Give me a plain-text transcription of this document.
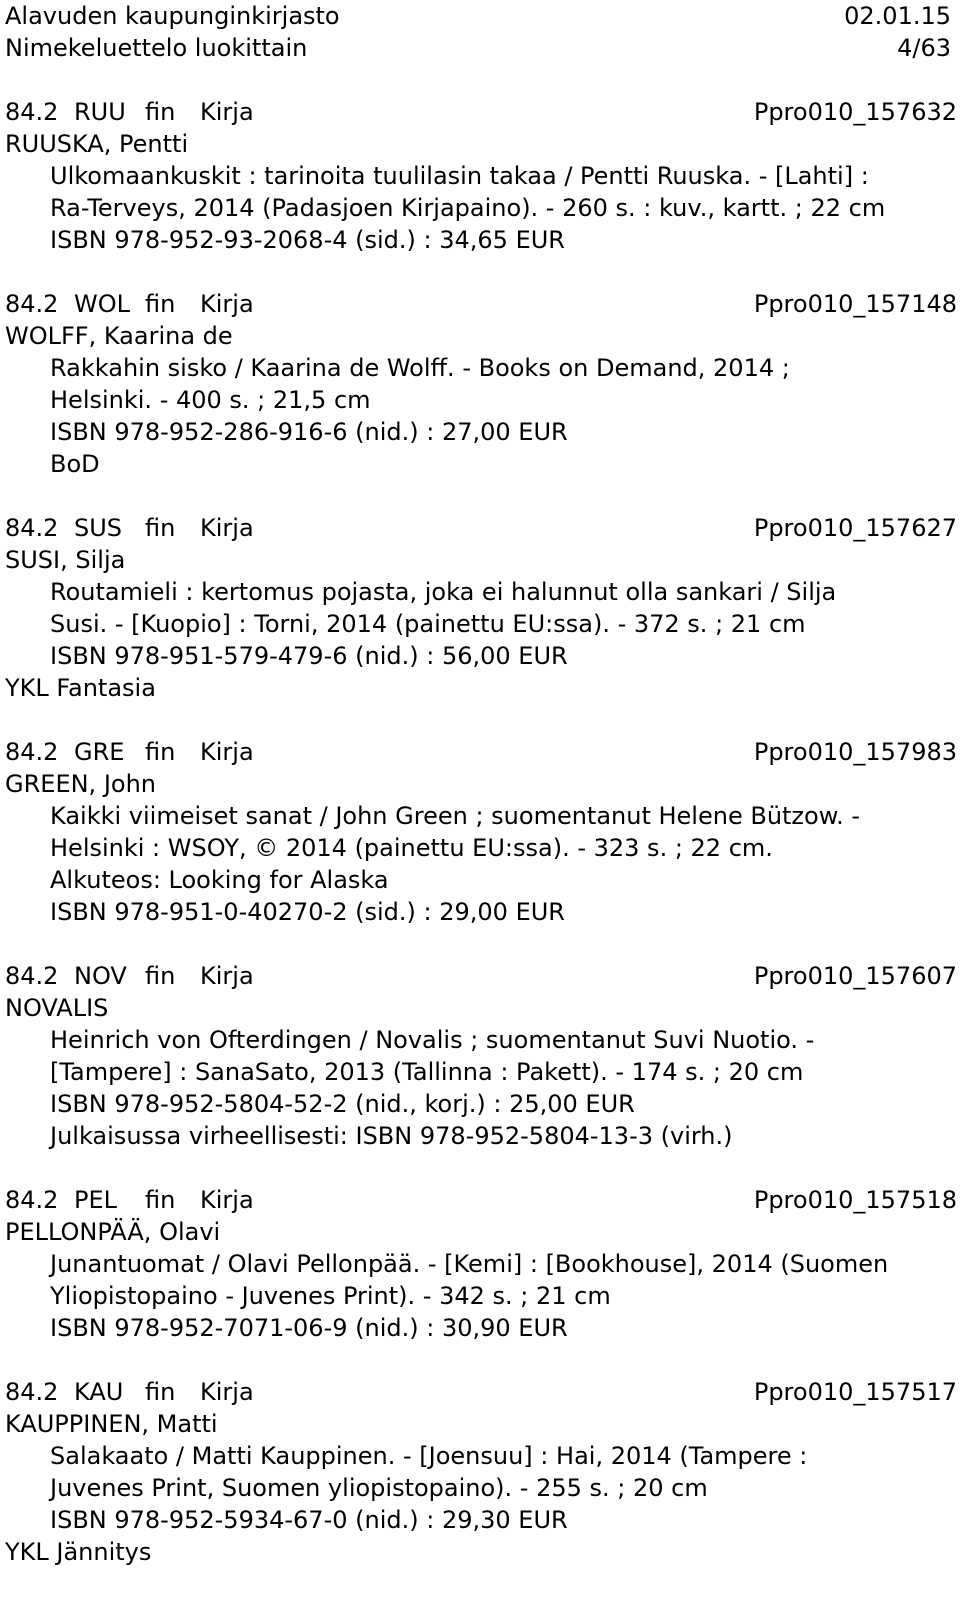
Alavuden kaupunginkirjasto	02.01.15
Nimekeluettelo luokittain	4/63
84.2 RUU fin	Kirja	Ppro010_157632
RUUSKA, Pentti
Ulkomaankuskit : tarinoita tuulilasin takaa / Pentti Ruuska. - [Lahti] :
Ra-Terveys, 2014 (Padasjoen Kirjapaino). - 260 s. : kuv., kartt. ; 22 cm
ISBN 978-952-93-2068-4 (sid.) : 34,65 EUR
84.2 WOL fin	Kirja	Ppro010_157148
WOLFF, Kaarina de
Rakkahin sisko / Kaarina de Wolff. - Books on Demand, 2014 ;
Helsinki. - 400 s. ; 21,5 cm
ISBN 978-952-286-916-6 (nid.) : 27,00 EUR
BoD
84.2 SUS fin	Kirja	Ppro010_157627
SUSI, Silja
Routamieli : kertomus pojasta, joka ei halunnut olla sankari / Silja
Susi. - [Kuopio] : Torni, 2014 (painettu EU:ssa). - 372 s. ; 21 cm
ISBN 978-951-579-479-6 (nid.) : 56,00 EUR
YKL Fantasia
84.2 GRE fin	Kirja	Ppro010_157983
GREEN, John
Kaikki viimeiset sanat / John Green ; suomentanut Helene Bützow. -
Helsinki : WSOY, © 2014 (painettu EU:ssa). - 323 s. ; 22 cm.
Alkuteos: Looking for Alaska
ISBN 978-951-0-40270-2 (sid.) : 29,00 EUR
84.2 NOV fin	Kirja	Ppro010_157607
NOVALIS
Heinrich von Ofterdingen / Novalis ; suomentanut Suvi Nuotio. -
[Tampere] : SanaSato, 2013 (Tallinna : Pakett). - 174 s. ; 20 cm
ISBN 978-952-5804-52-2 (nid., korj.) : 25,00 EUR
Julkaisussa virheellisesti: ISBN 978-952-5804-13-3 (virh.)
84.2 PEL	fin	Kirja	Ppro010_157518
PELLONPÄÄ, Olavi
Junantuomat / Olavi Pellonpää. - [Kemi] : [Bookhouse], 2014 (Suomen
Yliopistopaino - Juvenes Print). - 342 s. ; 21 cm
ISBN 978-952-7071-06-9 (nid.) : 30,90 EUR
84.2 KAU fin	Kirja	Ppro010_157517
KAUPPINEN, Matti
Salakaato / Matti Kauppinen. - [Joensuu] : Hai, 2014 (Tampere :
Juvenes Print, Suomen yliopistopaino). - 255 s. ; 20 cm
ISBN 978-952-5934-67-0 (nid.) : 29,30 EUR
YKL Jännitys
